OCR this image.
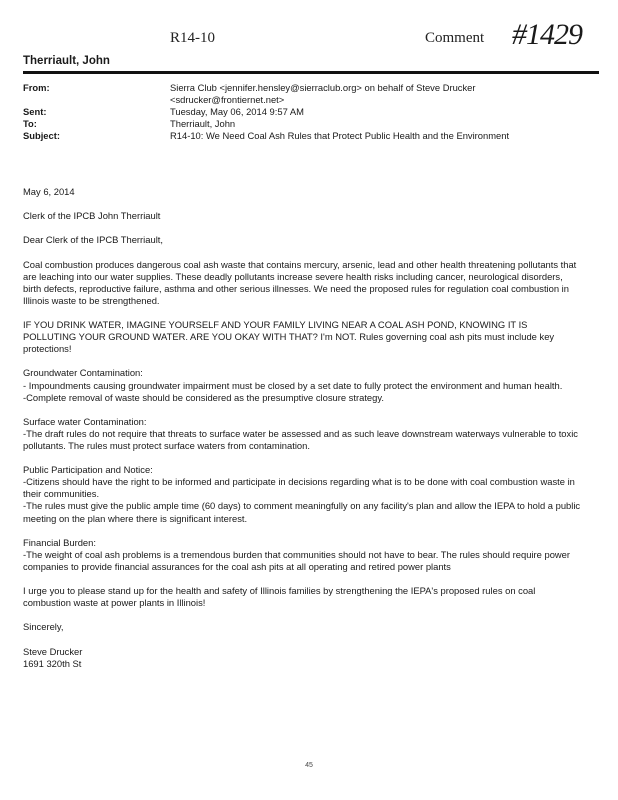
R14-10	Comment #1429
Therriault, John
From:	Sierra Club <jennifer.hensley@sierraclub.org> on behalf of Steve Drucker <sdrucker@frontiernet.net>
Sent:	Tuesday, May 06, 2014 9:57 AM
To:	Therriault, John
Subject:	R14-10: We Need Coal Ash Rules that Protect Public Health and the Environment

May 6, 2014

Clerk of the IPCB John Therriault

Dear Clerk of the IPCB Therriault,

Coal combustion produces dangerous coal ash waste that contains mercury, arsenic, lead and other health threatening pollutants that are leaching into our water supplies. These deadly pollutants increase severe health risks including cancer, neurological disorders, birth defects, reproductive failure, asthma and other serious illnesses. We need the proposed rules for regulation coal combustion in Illinois waste to be strengthened.

IF YOU DRINK WATER, IMAGINE YOURSELF AND YOUR FAMILY LIVING NEAR A COAL ASH POND, KNOWING IT IS POLLUTING YOUR GROUND WATER. ARE YOU OKAY WITH THAT? I'm NOT. Rules governing coal ash pits must include key protections!

Groundwater Contamination:
- Impoundments causing groundwater impairment must be closed by a set date to fully protect the environment and human health.
-Complete removal of waste should be considered as the presumptive closure strategy.

Surface water Contamination:
-The draft rules do not require that threats to surface water be assessed and as such leave downstream waterways vulnerable to toxic pollutants. The rules must protect surface waters from contamination.

Public Participation and Notice:
-Citizens should have the right to be informed and participate in decisions regarding what is to be done with coal combustion waste in their communities.
-The rules must give the public ample time (60 days) to comment meaningfully on any facility's plan and allow the IEPA to hold a public meeting on the plan where there is significant interest.

Financial Burden:
-The weight of coal ash problems is a tremendous burden that communities should not have to bear. The rules should require power companies to provide financial assurances for the coal ash pits at all operating and retired power plants

I urge you to please stand up for the health and safety of Illinois families by strengthening the IEPA's proposed rules on coal combustion waste at power plants in Illinois!

Sincerely,

Steve Drucker
1691 320th St
45
